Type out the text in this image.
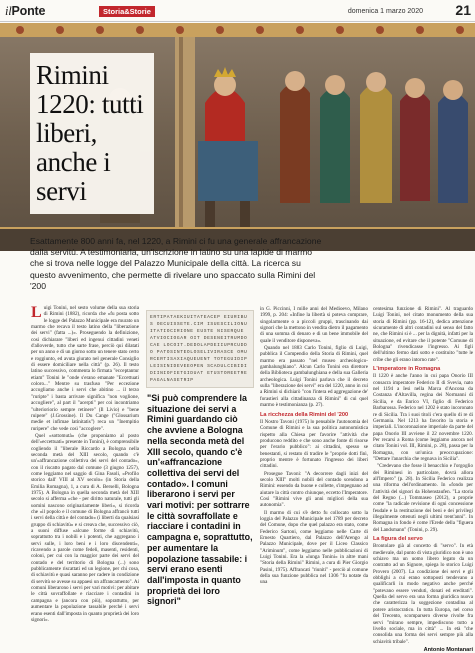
ilPonte	Storia&Storie	domenica 1 marzo 2020 21
Rimini 1220: tutti liberi, anche i servi
Esattamente 800 anni fa, nel 1220, a Rimini ci fu una generale affrancazione dalla servitù. A testimoniarla, un'iscrizione in latino su una lapide di marmo che si trova nelle logge del Palazzo Municipale della città. La ricerca su questo avvenimento, che permette di rivelare uno spaccato sulla Rimini del '200

Luigi Tonini, nel sesto volume della sua storia di Rimini (1882), ricorda che «fu posta sotto le logge del Palazzo Municipale era murato un marmo che recava il testo latino della "liberazione dei servi" (fatta ...)». Proseguendo la definizione, così dichiarare "liberi ed ingenui cittadini veneti d'alloverde, tutto che sarte frase, perciò qui dilatati per un anno e di un giorno sotto un tenere stato certo e roggiunto, ed avuta giurato nel generale Consiglio di essere domiciliare nella città" (p. 26). Il testo latino successivo, commenta lo firmata "ecceptantur etiam" Tonini le "onde s'erano emanate "Eccettuati coloro..." Mentre su trasfuso "Per eccezione accogliamo anche i servi che abitino ... il terzo "ruripte" i basta arrivare significa "non voglione, accogliere", al part il "acerpti" per coi incontriamo "ulterioriorio sempre retinere" (Il Livio) e "bene ruipere" (J.Grossine). Il Du Cange ("Glossarium medie et infimae latinitatis") reca un "Inempitio ruripere" che vede così "accoglere".

Quel «sottomutà» (che proponiamo al posto dell'«eccettuati» presente in Tonini), è comprensibile cogliendo il "liberale Riccardo a Bologna nella seconda metà del XIII secolo, quando c'è un'«affrancazione collettiva dei servi del contado», con il riscatto pagato dal comune (3 giugno 1257), come leggiamo nel saggio di Gina Fasoli, «Profilo storico dall' VIII al XV secolo» (in Storia della Emilia Romagna), 1, a cura di A. Berselli, Bologna 1975). A Bologna in quella seconda metà del XIII secolo si afferma «che - per diritto naturale, tutti gli uomini nascono originariamente liberi», si ricorda che «il popolo e il comune di Bologna affrancò tutti i servi della città e del contado» (i liberti da qualsiasi gruppo di schiavitù» e si creava che, successivo ciò, a suoni diffuse «alcune forme di schiavitù, soprattutto tra i nobili e i potenti, che aggregano i servi sulle, i loro beni e i loro discendenti», ricavendo a parole come fedeli, masenti, residenti, coloni, per cui con la maggior parte dei servi del contado e del territorio di Bologna (...) sono pubblicamente riscattati ed un legione, per chi cosa, di schiavitù e quasi saranno per cadere in condizione di servitù se avesse su appaesi un affrancamento". Ai comuni liberarono i servi per vari motivi: per abitare le città sovraffollate e riacciare i contadini in campagna e (ancora con più), soprattutto, per aumentare la popolazione tassabile perché i servi erano esenti dall'imposta in quanto proprietà dei loro signori».

ERTIPATAEKIUITATEACEP EIURIBUS OECUISSETE.CIM ISUESCILIONUITATIOCIRIONE EUSTE NISERQUE ATVIOCIOGAR OIT DESENEITRUMDOCAE LOCOIT.DEDOLAPDEIIUPRCUDDO PATOSINTEOLOSELIVIRASCE OMURCERTISAXIAQUEUENT TOTEGUIDIPLEISINIDEVEEOPEN SCADULCIBIDIDIINIOFIETGIDUAT ETUSTOREETREPAGALNASETRIP
"Si può comprendere la situazione dei servi a Rimini guardando ciò che avviene a Bologna nella seconda metà del XIII secolo, quando c'è un'«affrancazione collettiva dei servi del contado». I comuni liberarono i servi per vari motivi: per sottrarre le città sovraffollate e riacciare i contadini in campagna e, soprattutto, per aumentare la popolazione tassabile: i servi erano esenti dall'imposta in quanto proprietà dei loro signori"

in G. Piccinni, I mille anni del Medioevo, Milano 1999, p. 204: «Infine la libertà si poteva comprare, singolarmente o a piccoli gruppi, trascinando dai signori che la mettono in vendita dietro il pagamento di una somma di denaro e di un bene immobile del quale il venditore disponeva».

Quando nel 1883 Carlo Tonini, figlio di Luigi, pubblica il Compendio della Storia di Rimini, quel marmo era passato "nel museo archeologico-gambalunghiano". Alcun Carlo Tonini era direttore della Biblioteca gambalunghiana e della sua Galleria archeologica. Luigi Tonini parlava che il decreto sulla "liberazione dei servi" era del 1220, anno in cui a Rimini si dichiarò "con l'intera ed aggregazione de' forastieri alla cittadinanza di Rimini" di cui quel marmo è testimonianza (p. 27).

La ricchezza della Rimini del '200

Il Nostro Tavoni (1975) lo pensabile l'autonomia del Comune di Rimini e la sua politica autonomistica rispetto alla Chiesa per favorire "attività che producono reddito e che sono anche fonte di risorse per l'erario pubblico": ai cittadini, spesso se benestanti, si restato di tradire le "proprie dotti finì, proprio mentre è fortunato l'ingresso dei liberi cittadini.

Prosegue Tavoni: "A decorrere dagli inizi del secolo XIII" molti nobili del contado scendono a Rimini: essendo da buone e collette, s'impegnano ad aiutare la città contro chiunque, eccetto l'Imperatore. Così "Rimini vive gli anni migliori della sua autonomia".

Il marmo di cui s'è detto fu collocato sotto la loggia del Palazzo Municipale nel 1789 per decreto del Comune, dopo che quel palazzo era stato, come Federico Sartoni, come leggiamo nelle Carte di Ernesto Quartiero, dal Palazzo dell'Arengo al Palazzo Municipale, dove per il Liceo Classico "Ariminum", come leggiamo nelle pubblicazioni di Luigi Tonini. Era la «lunga Tonini» in altre mani "Storia della Rimini" Rimini, a cura di Pier Giorgio Pasini, 1975). Affrancati "riuniti" - perciò al comune della sua funzione pubblica nel 1306 "fu notate da una

centesima funzione di Rimini". Al traguardo Luigi Tonini, nel citato monumento della sua storia di Rimini (pp. 16-12), dedica attenzione sicuramente di altri contadini sul senso del fatto ne, che Rimini si è ... per la dignità, infatti per la situazione, ed evitare che il potente "Comune di Bologna" rivendicasse l'ingresso. Ai figli dell'ultimo fermo dati sotto e costituito "tutte le cribe che gli erano intorno rate".

L'imperatore in Romagna

Il 1220 è anche l'anno in cui papa Onorio III consacra imperatore Federico II di Svevia, nato nel 1194 a Iesi nella Marca d'Ancona da Costanza d'Altavilla, regina dei Normanni di Sicilia, e da Enrico VI, figlio di Federico Barbarossa. Federico nel 1202 è stato incoronato re di Sicilia. Tra i suoi titoli c'era quello di re di Germania. Nel 1213 ha favorito la storia e imperiali. L'incoronazione imperiale da parte del papa Onorio III avviene il 22 novembre 1220. Per recarsi a Roma (come leggiamo ancora nel citato Tonini vol. III, Rimini, p. 28), passa per la Romagna, con un'unica preoccupazione: "Dettare l'anarchia che regnava in Sicilia".

"Credevano che fosse il benacchio e l'orgoglio dei Riminesi in particolare, dovrà allora all'Impero" (p. 28). In Sicilia Federico realizza una riforma dell'ordinamento. In «fondo per l'attività del signori da Hohenstaufen. "La storia del Regno (...) Tommaseo (2012), a proprie come "la radicale revisione di ogni concessione feudale e la restituzione dei beni e dei privilegi illegalmente ottenuti negli ultimi trent'anni". In Romagna in fondo è come l'Erede della "figuera del Landsmann" (Tonini, p. 29).

La figura del servo

Brontolare già al concetto di "servo". In età medievale, dal punto di vista giuridico non è uno schiavo ma un uomo libero legato da un contratto ad un Signore, spiega lo storico Luigi Provero (2007). La condizione dei servi e gli obblighi a cui erano sottoposti tendevano a qualificarli in modo negativo anche perché "potevano essere venduti, donati ed ereditati". Quella del servo era una forma giuridica nuova che caratterizza la soggezione contadina al potere aristocratico. In tutta Europa, nel corso del Trecento, scomparsero diverse rivolte fra servi "mirano sempre, impediscono tutto a livello sociale, ma in città" ... In età "che consolida una forma dei servi sempre più alla schiavitù tribale".

Antonio Montanari
